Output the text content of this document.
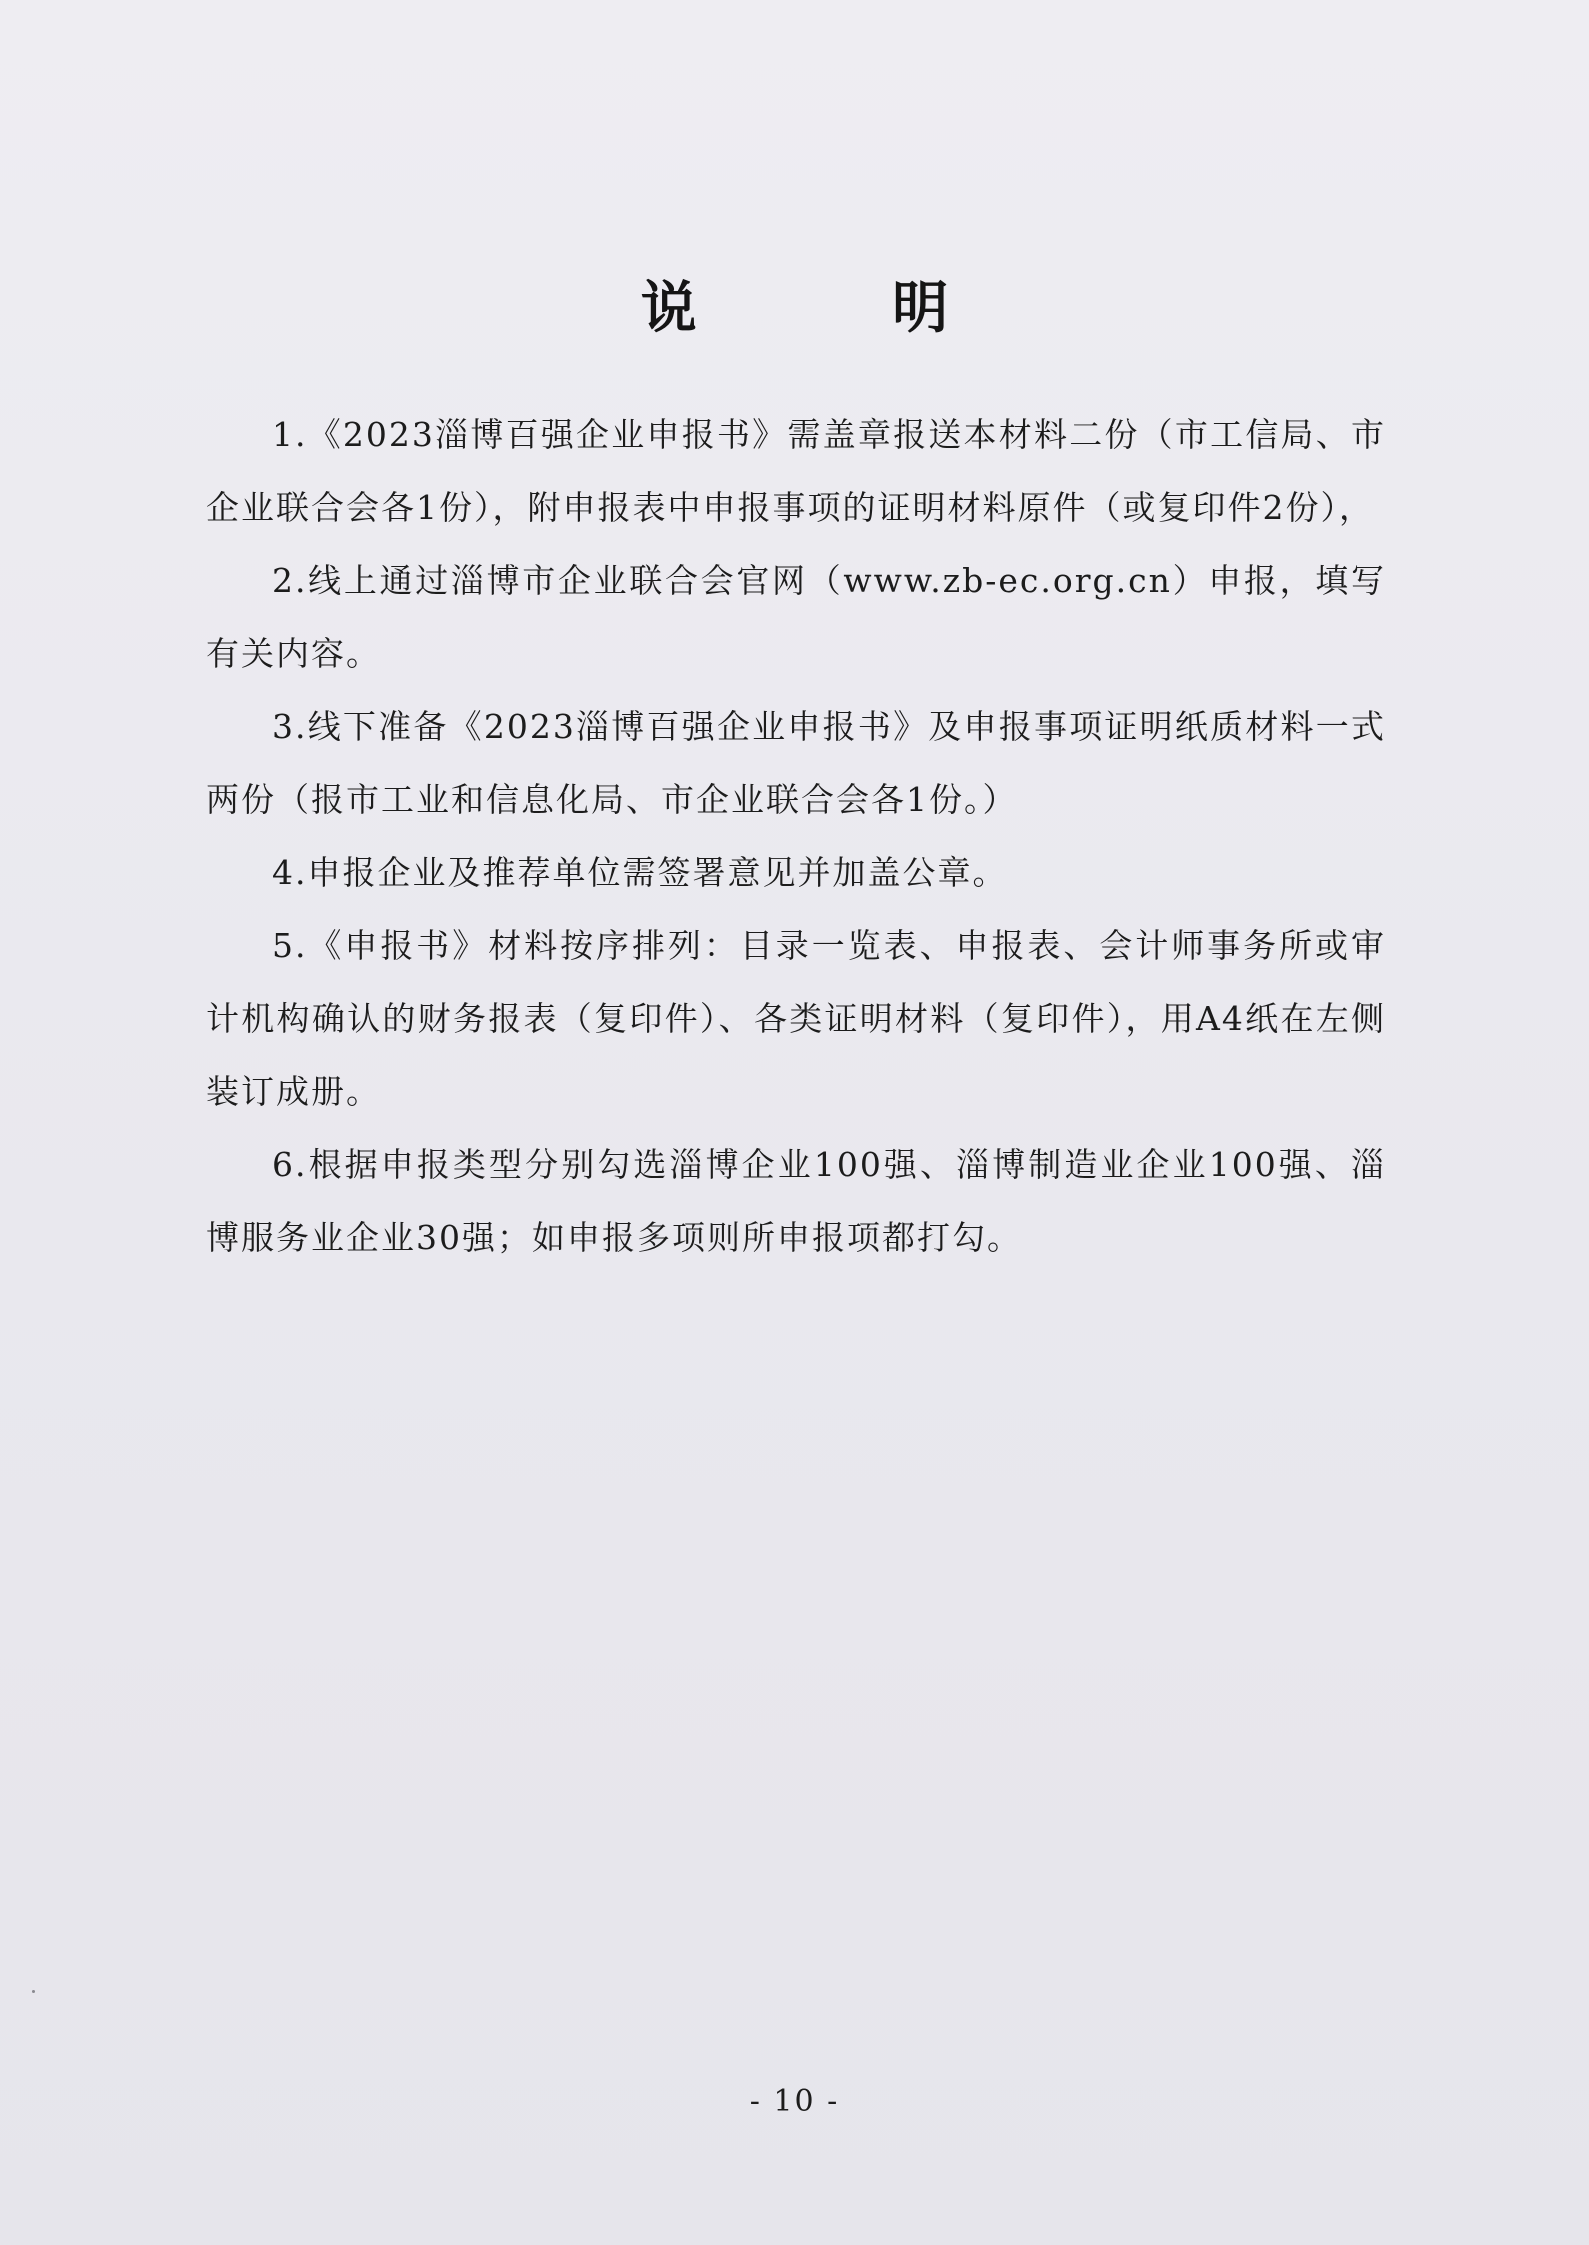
说 明

1.《2023淄博百强企业申报书》需盖章报送本材料二份（市工信局、市企业联合会各1份），附申报表中申报事项的证明材料原件（或复印件2份），

2.线上通过淄博市企业联合会官网（www.zb-ec.org.cn）申报，填写有关内容。

3.线下准备《2023淄博百强企业申报书》及申报事项证明纸质材料一式两份（报市工业和信息化局、市企业联合会各1份。）

4.申报企业及推荐单位需签署意见并加盖公章。

5.《申报书》材料按序排列：目录一览表、申报表、会计师事务所或审计机构确认的财务报表（复印件）、各类证明材料（复印件），用A4纸在左侧装订成册。

6.根据申报类型分别勾选淄博企业100强、淄博制造业企业100强、淄博服务业企业30强；如申报多项则所申报项都打勾。

- 10 -
